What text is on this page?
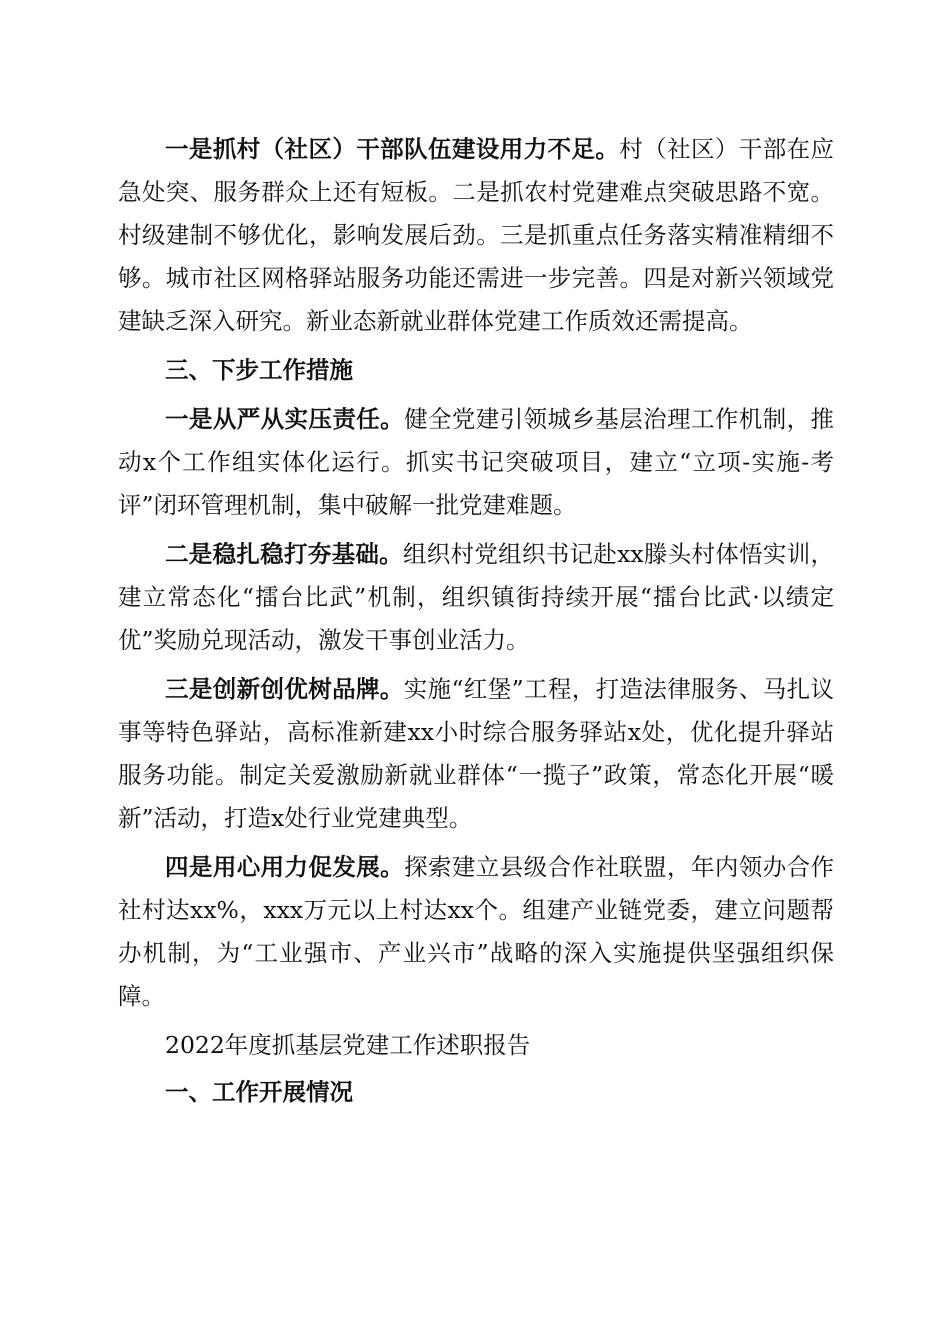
一是抓村（社区）干部队伍建设用力不足。村（社区）干部在应急处突、服务群众上还有短板。二是抓农村党建难点突破思路不宽。村级建制不够优化，影响发展后劲。三是抓重点任务落实精准精细不够。城市社区网格驿站服务功能还需进一步完善。四是对新兴领域党建缺乏深入研究。新业态新就业群体党建工作质效还需提高。

三、下步工作措施

一是从严从实压责任。健全党建引领城乡基层治理工作机制，推动x个工作组实体化运行。抓实书记突破项目，建立“立项-实施-考评”闭环管理机制，集中破解一批党建难题。

二是稳扎稳打夯基础。组织村党组织书记赴xx滕头村体悟实训，建立常态化“擂台比武”机制，组织镇街持续开展“擂台比武·以绩定优”奖励兑现活动，激发干事创业活力。

三是创新创优树品牌。实施“红堡”工程，打造法律服务、马扎议事等特色驿站，高标准新建xx小时综合服务驿站x处，优化提升驿站服务功能。制定关爱激励新就业群体“一揽子”政策，常态化开展“暖新”活动，打造x处行业党建典型。

四是用心用力促发展。探索建立县级合作社联盟，年内领办合作社村达xx%，xxx万元以上村达xx个。组建产业链党委，建立问题帮办机制，为“工业强市、产业兴市”战略的深入实施提供坚强组织保障。

2022年度抓基层党建工作述职报告

一、工作开展情况
